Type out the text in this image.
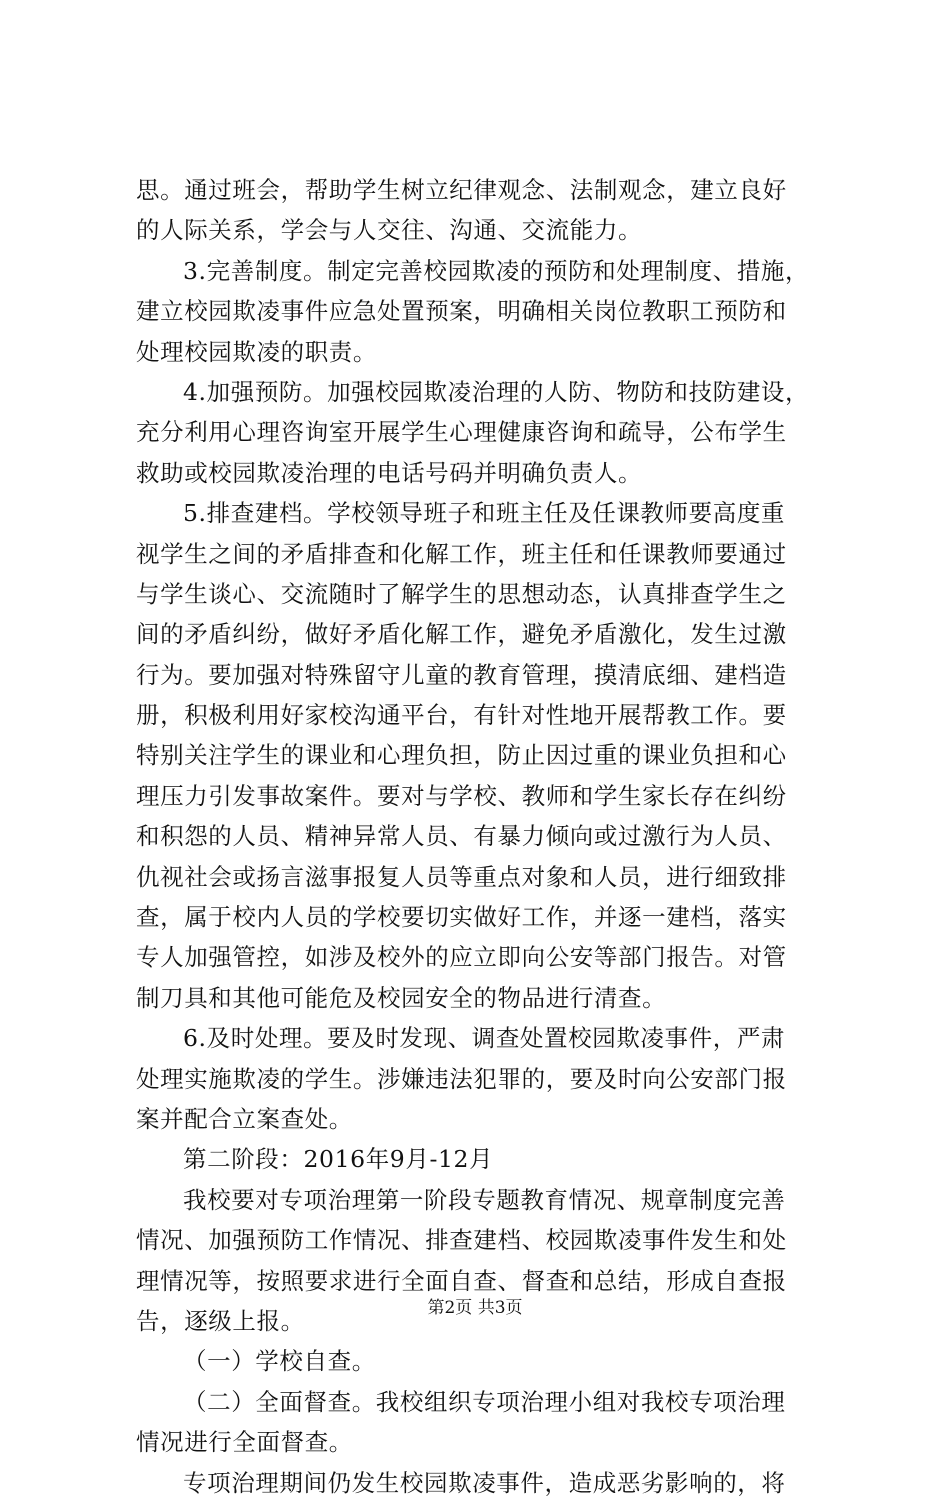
思。通过班会，帮助学生树立纪律观念、法制观念，建立良好
的人际关系，学会与人交往、沟通、交流能力。
3.完善制度。制定完善校园欺凌的预防和处理制度、措施，
建立校园欺凌事件应急处置预案，明确相关岗位教职工预防和
处理校园欺凌的职责。
4.加强预防。加强校园欺凌治理的人防、物防和技防建设，
充分利用心理咨询室开展学生心理健康咨询和疏导，公布学生
救助或校园欺凌治理的电话号码并明确负责人。
5.排查建档。学校领导班子和班主任及任课教师要高度重
视学生之间的矛盾排查和化解工作，班主任和任课教师要通过
与学生谈心、交流随时了解学生的思想动态，认真排查学生之
间的矛盾纠纷，做好矛盾化解工作，避免矛盾激化，发生过激
行为。要加强对特殊留守儿童的教育管理，摸清底细、建档造
册，积极利用好家校沟通平台，有针对性地开展帮教工作。要
特别关注学生的课业和心理负担，防止因过重的课业负担和心
理压力引发事故案件。要对与学校、教师和学生家长存在纠纷
和积怨的人员、精神异常人员、有暴力倾向或过激行为人员、
仇视社会或扬言滋事报复人员等重点对象和人员，进行细致排
查，属于校内人员的学校要切实做好工作，并逐一建档，落实
专人加强管控，如涉及校外的应立即向公安等部门报告。对管
制刀具和其他可能危及校园安全的物品进行清查。
6.及时处理。要及时发现、调查处置校园欺凌事件，严肃
处理实施欺凌的学生。涉嫌违法犯罪的，要及时向公安部门报
案并配合立案查处。
第二阶段：2016年9月-12月
我校要对专项治理第一阶段专题教育情况、规章制度完善
情况、加强预防工作情况、排查建档、校园欺凌事件发生和处
理情况等，按照要求进行全面自查、督查和总结，形成自查报
告，逐级上报。
（一）学校自查。
（二）全面督查。我校组织专项治理小组对我校专项治理
情况进行全面督查。
专项治理期间仍发生校园欺凌事件，造成恶劣影响的，将
第2页 共3页
